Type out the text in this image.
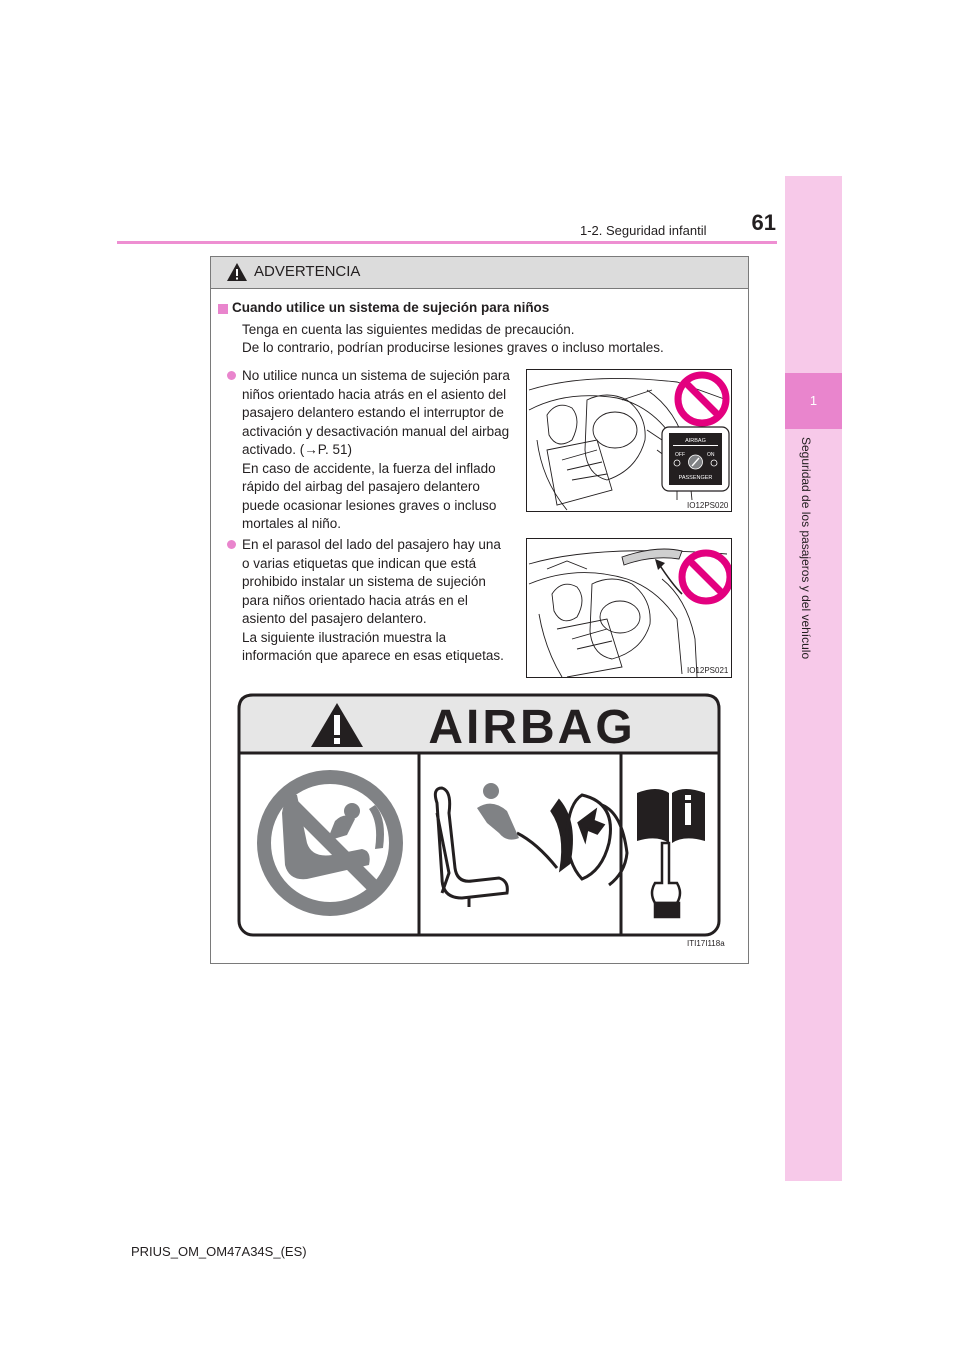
61
1-2. Seguridad infantil
1
Seguridad de los pasajeros y del vehículo
ADVERTENCIA
Cuando utilice un sistema de sujeción para niños
Tenga en cuenta las siguientes medidas de precaución.
De lo contrario, podrían producirse lesiones graves o incluso mortales.
No utilice nunca un sistema de sujeción para
niños orientado hacia atrás en el asiento del
pasajero delantero estando el interruptor de
activación y desactivación manual del airbag
activado. (→P. 51)
En caso de accidente, la fuerza del inflado
rápido del airbag del pasajero delantero
puede ocasionar lesiones graves o incluso
mortales al niño.
AIRBAG
OFF	ON
PASSENGER
IO12PS020
En el parasol del lado del pasajero hay una
o varias etiquetas que indican que está
prohibido instalar un sistema de sujeción
para niños orientado hacia atrás en el
asiento del pasajero delantero.
La siguiente ilustración muestra la
información que aparece en esas etiquetas.
IO12PS021
AIRBAG
ITI17I118a
PRIUS_OM_OM47A34S_(ES)
